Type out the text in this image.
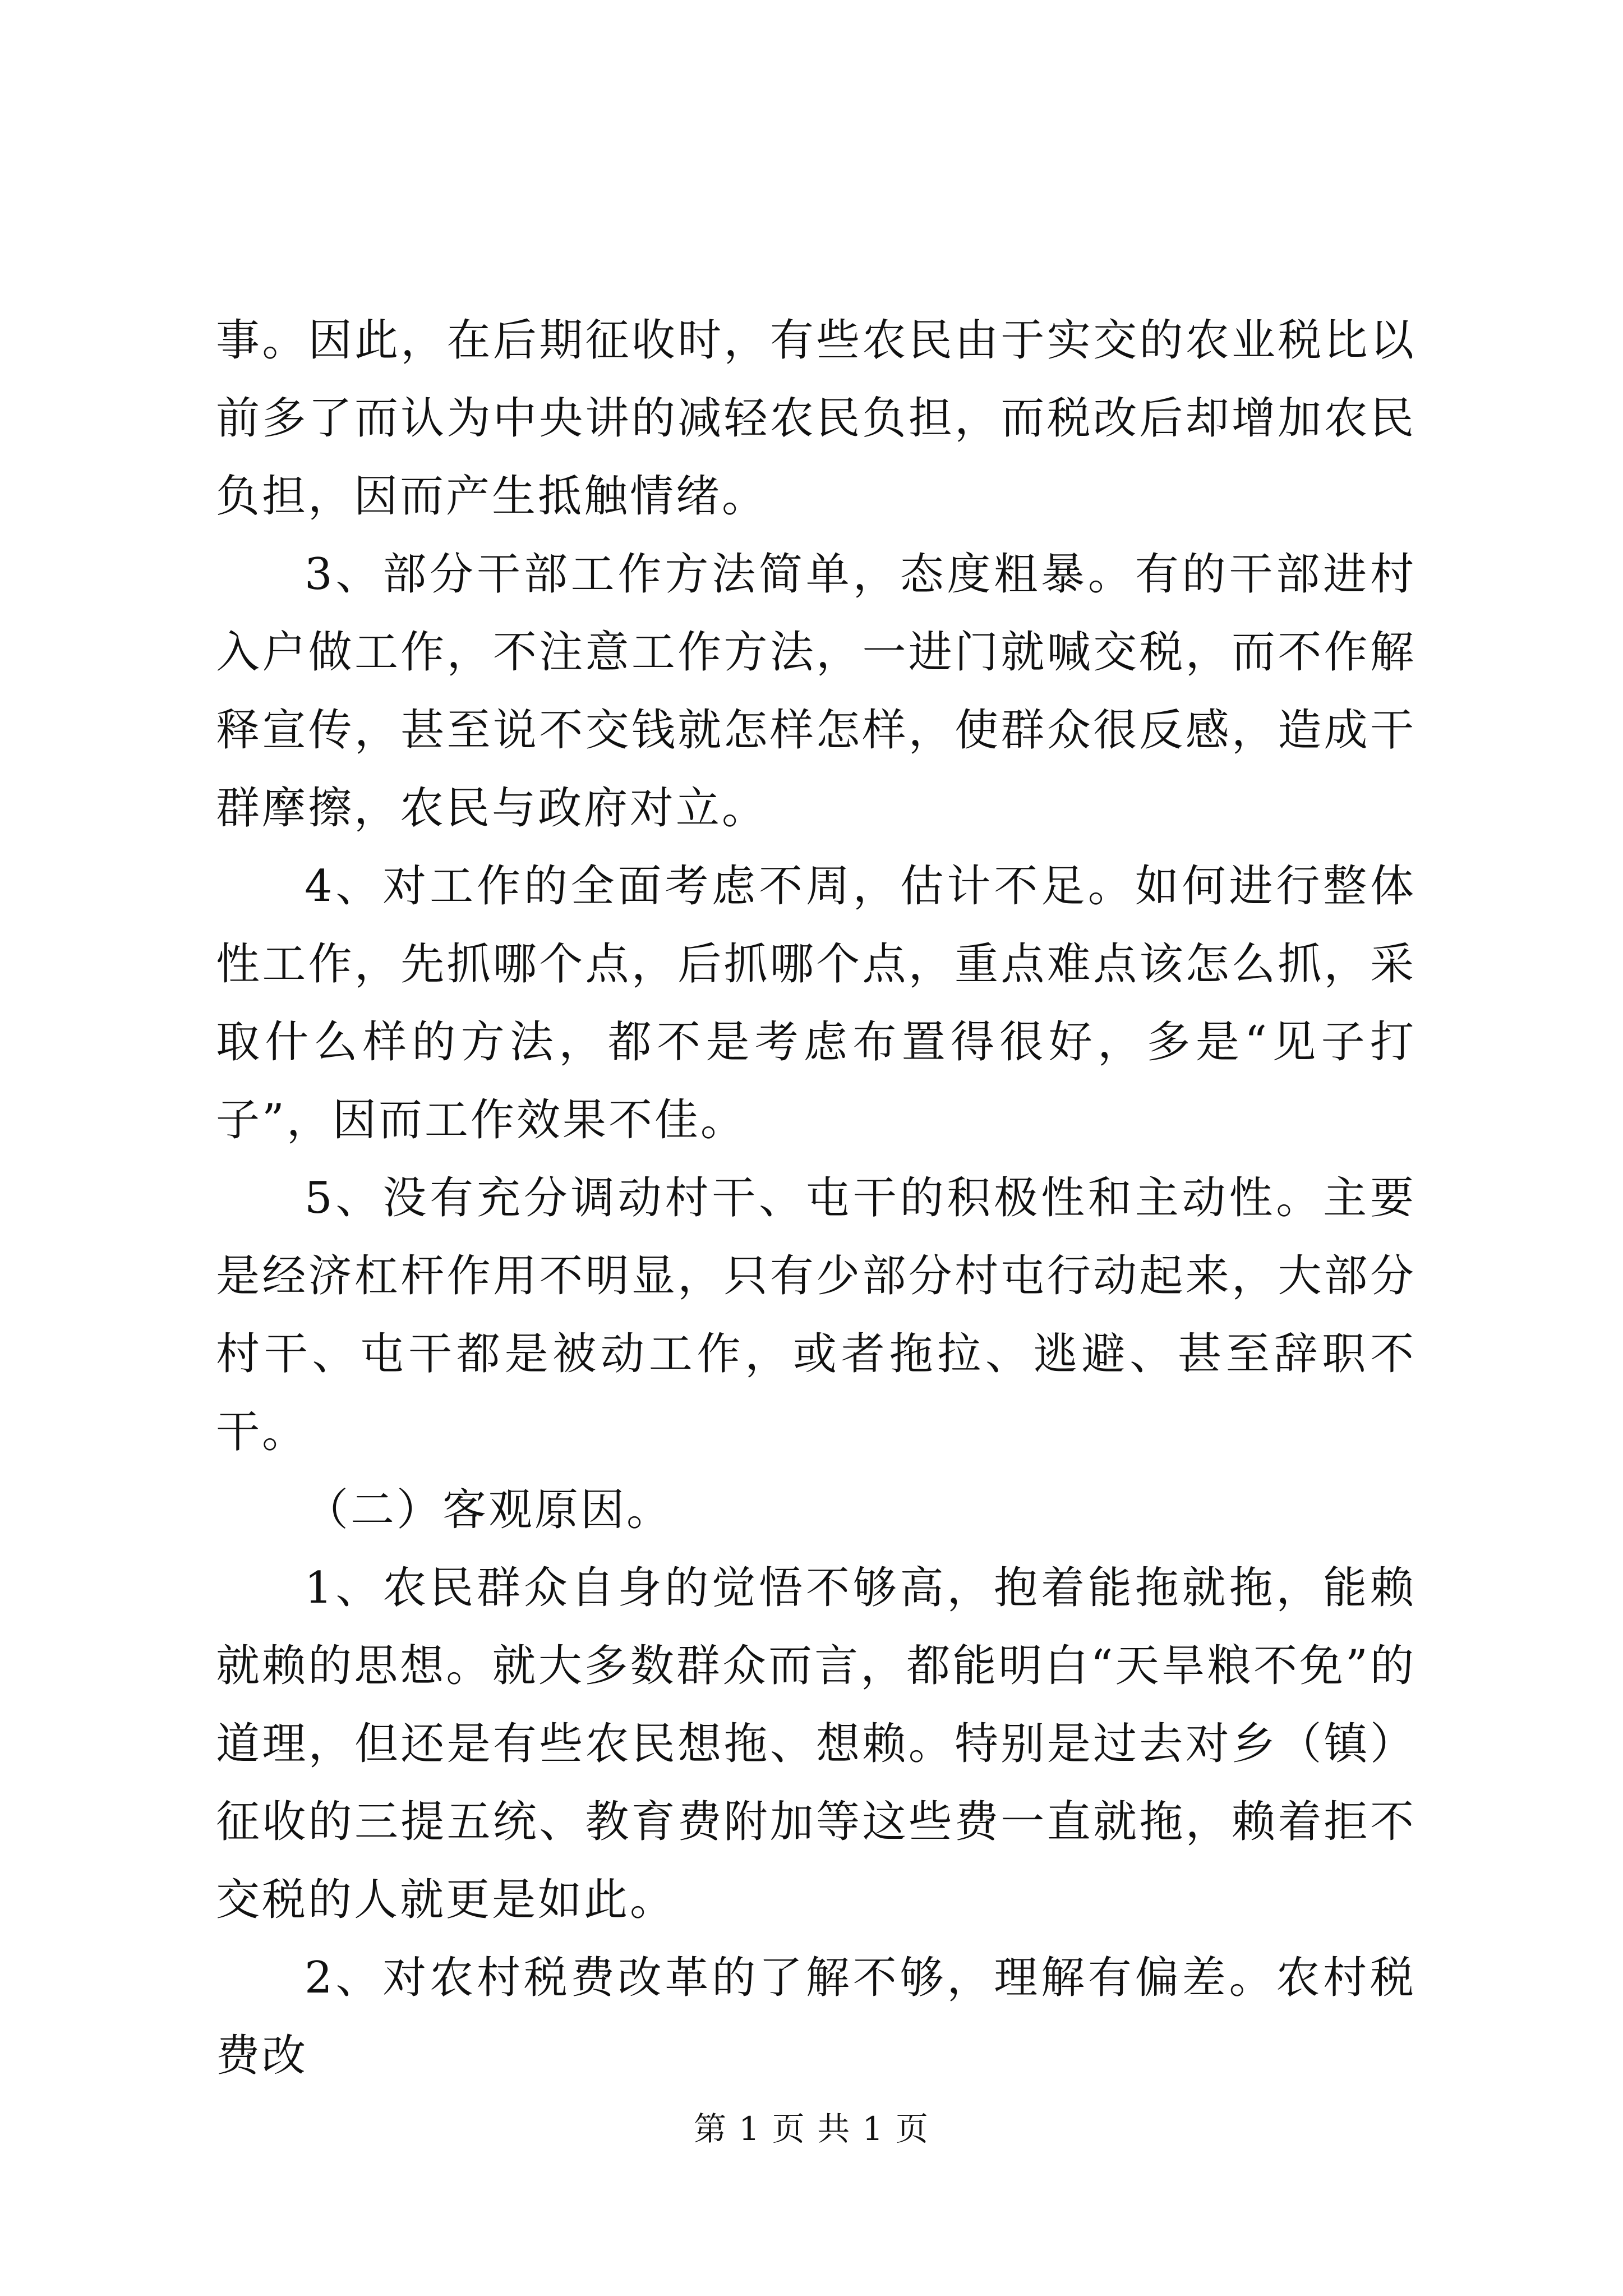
事。因此，在后期征收时，有些农民由于实交的农业税比以前多了而认为中央讲的减轻农民负担，而税改后却增加农民负担，因而产生抵触情绪。

3、部分干部工作方法简单，态度粗暴。有的干部进村入户做工作，不注意工作方法，一进门就喊交税，而不作解释宣传，甚至说不交钱就怎样怎样，使群众很反感，造成干群摩擦，农民与政府对立。

4、对工作的全面考虑不周，估计不足。如何进行整体性工作，先抓哪个点，后抓哪个点，重点难点该怎么抓，采取什么样的方法，都不是考虑布置得很好，多是“见子打子”，因而工作效果不佳。

5、没有充分调动村干、屯干的积极性和主动性。主要是经济杠杆作用不明显，只有少部分村屯行动起来，大部分村干、屯干都是被动工作，或者拖拉、逃避、甚至辞职不干。

（二）客观原因。

1、农民群众自身的觉悟不够高，抱着能拖就拖，能赖就赖的思想。就大多数群众而言，都能明白“天旱粮不免”的道理，但还是有些农民想拖、想赖。特别是过去对乡（镇）征收的三提五统、教育费附加等这些费一直就拖，赖着拒不交税的人就更是如此。

2、对农村税费改革的了解不够，理解有偏差。农村税费改

第 1 页 共 1 页
